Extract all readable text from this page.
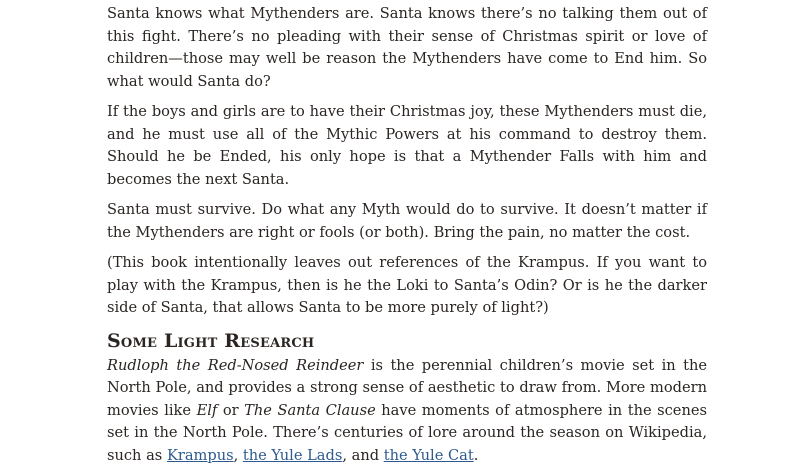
Santa knows what Mythenders are. Santa knows there’s no talking them out of this fight. There’s no pleading with their sense of Christmas spirit or love of children—those may well be reason the Mythenders have come to End him. So what would Santa do?

If the boys and girls are to have their Christmas joy, these Mythenders must die, and he must use all of the Mythic Powers at his command to destroy them. Should he be Ended, his only hope is that a Mythender Falls with him and becomes the next Santa.

Santa must survive. Do what any Myth would do to survive. It doesn’t matter if the Mythenders are right or fools (or both). Bring the pain, no matter the cost.

(This book intentionally leaves out references of the Krampus. If you want to play with the Krampus, then is he the Loki to Santa’s Odin? Or is he the darker side of Santa, that allows Santa to be more purely of light?)

Some Light Research

Rudloph the Red-Nosed Reindeer is the perennial children’s movie set in the North Pole, and provides a strong sense of aesthetic to draw from. More modern movies like Elf or The Santa Clause have moments of atmosphere in the scenes set in the North Pole. There’s centuries of lore around the season on Wikipedia, such as Krampus, the Yule Lads, and the Yule Cat.
